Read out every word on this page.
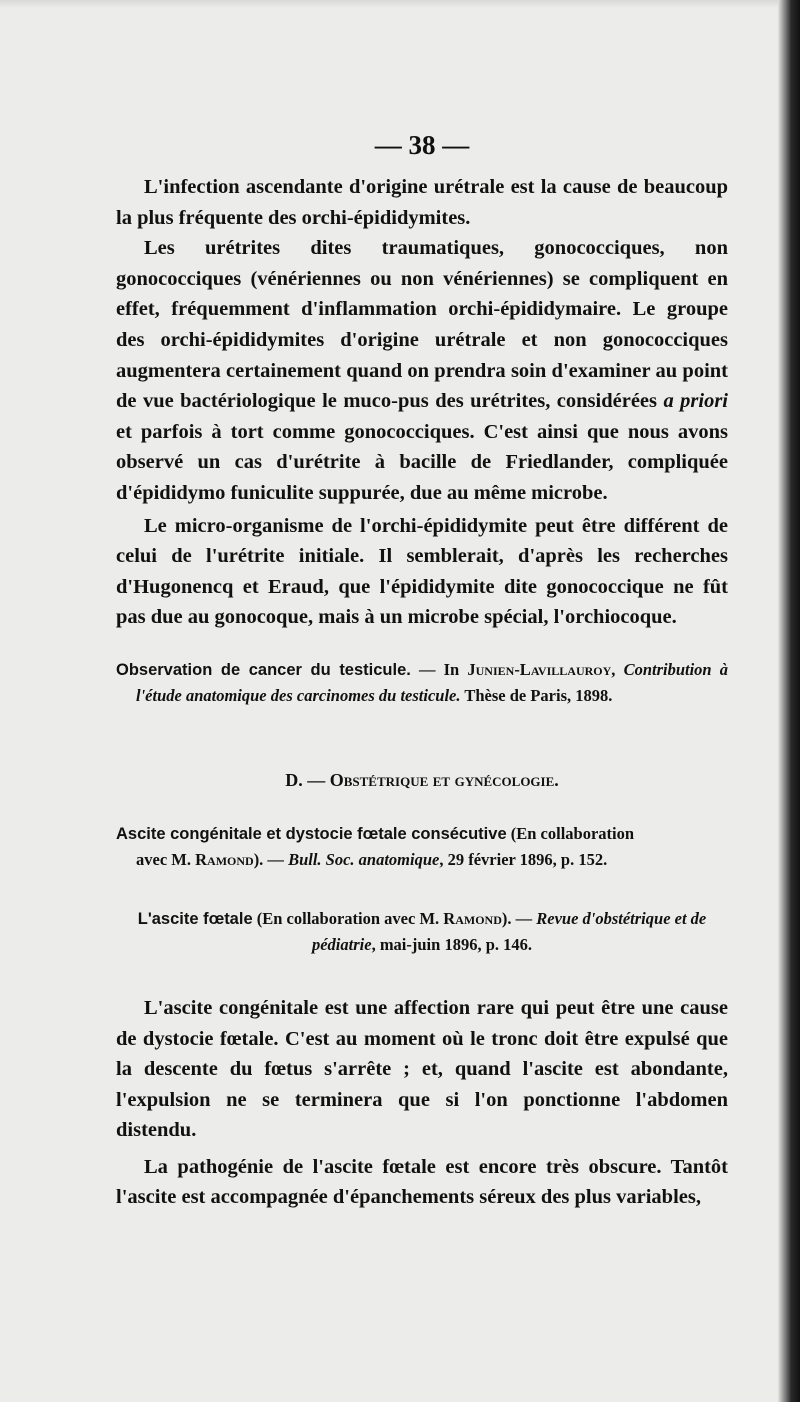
— 38 —

L'infection ascendante d'origine urétrale est la cause de beaucoup
la plus fréquente des orchi-épididymites.

Les urétrites dites traumatiques, gonococciques, non gonococciques (vénériennes ou non vénériennes) se compliquent en effet, fréquemment d'inflammation orchi-épididymaire. Le groupe des orchi-épididymites d'origine urétrale et non gonococciques augmentera certainement quand on prendra soin d'examiner au point de vue bactériologique le muco-pus des urétrites, considérées a priori et parfois à tort comme gonococciques. C'est ainsi que nous avons observé un cas d'urétrite à bacille de Friedlander, compliquée d'épididymo funiculite suppurée, due au même microbe.

Le micro-organisme de l'orchi-épididymite peut être différent de celui de l'urétrite initiale. Il semblerait, d'après les recherches d'Hugonencq et Eraud, que l'épididymite dite gonococcique ne fût pas due au gonocoque, mais à un microbe spécial, l'orchiocoque.

Observation de cancer du testicule. — In Junien-Lavillauroy, Contribution à l'étude anatomique des carcinomes du testicule. Thèse de Paris, 1898.

D. — Obstétrique et gynécologie.

Ascite congénitale et dystocie fœtale consécutive (En collaboration
avec M. Ramond). — Bull. Soc. anatomique, 29 février 1896, p. 152.

L'ascite fœtale (En collaboration avec M. Ramond). — Revue d'obstétrique et de pédiatrie, mai-juin 1896, p. 146.

L'ascite congénitale est une affection rare qui peut être une cause de dystocie fœtale. C'est au moment où le tronc doit être expulsé que la descente du fœtus s'arrête ; et, quand l'ascite est abondante, l'expulsion ne se terminera que si l'on ponctionne l'abdomen distendu.

La pathogénie de l'ascite fœtale est encore très obscure. Tantôt l'ascite est accompagnée d'épanchements séreux des plus variables,
